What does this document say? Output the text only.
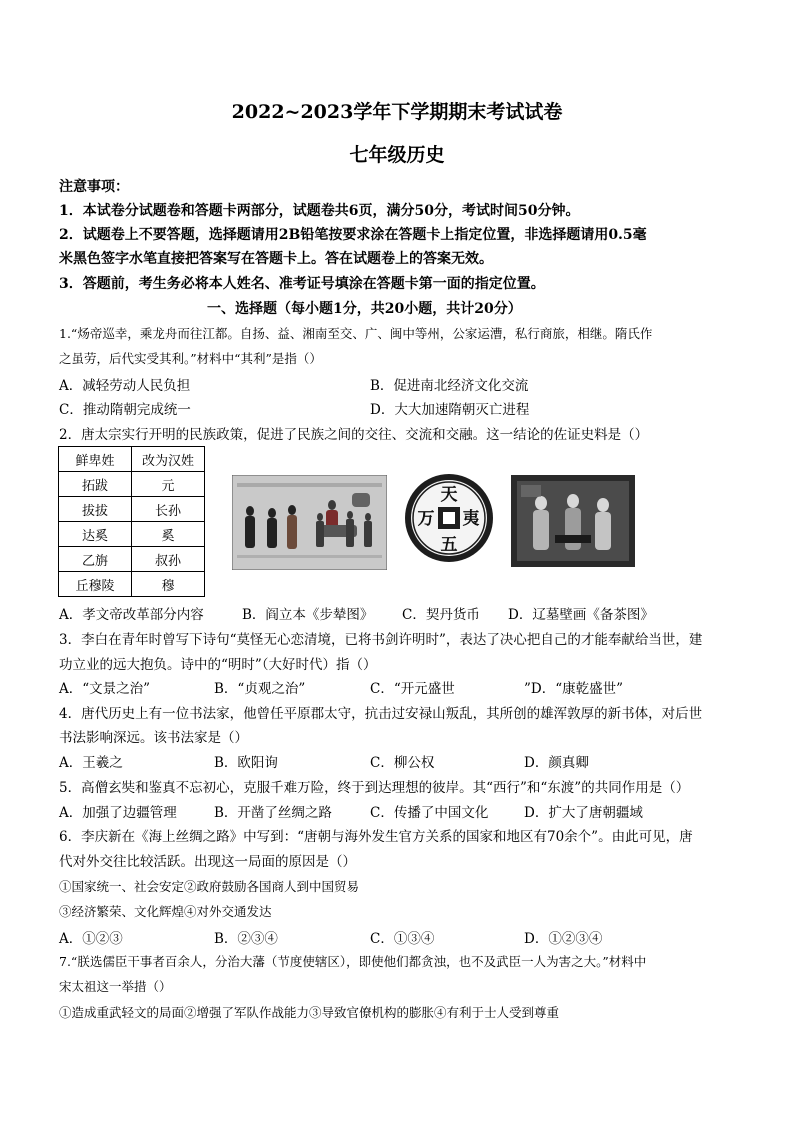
2022~2023学年下学期期末考试试卷
七年级历史
注意事项：
1．本试卷分试题卷和答题卡两部分，试题卷共6页，满分50分，考试时间50分钟。
2．试题卷上不要答题，选择题请用2B铅笔按要求涂在答题卡上指定位置，非选择题请用0.5毫
米黑色签字水笔直接把答案写在答题卡上。答在试题卷上的答案无效。
3．答题前，考生务必将本人姓名、准考证号填涂在答题卡第一面的指定位置。
一、选择题（每小题1分，共20小题，共计20分）
1.“炀帝巡幸，乘龙舟而往江都。自扬、益、湘南至交、广、闽中等州，公家运漕，私行商旅，相继。隋氏作
之虽劳，后代实受其利。”材料中“其利”是指（）
A．减轻劳动人民负担	B．促进南北经济文化交流
C．推动隋朝完成统一	D．大大加速隋朝灭亡进程
2．唐太宗实行开明的民族政策，促进了民族之间的交往、交流和交融。这一结论的佐证史料是（）
鲜卑姓	改为汉姓
拓跋	元
拔拔	长孙
达奚	奚
乙旃	叔孙
丘穆陵	穆
天
夷
五
万
A．孝文帝改革部分内容	B．阎立本《步辇图》 C．契丹货币 D．辽墓壁画《备茶图》
3．李白在青年时曾写下诗句“莫怪无心恋清境，已将书剑许明时”，表达了决心把自己的才能奉献给当世，建
功立业的远大抱负。诗中的“明时”（大好时代）指（）
A．“文景之治”	B．“贞观之治”	C．“开元盛世	”D．“康乾盛世”
4．唐代历史上有一位书法家，他曾任平原郡太守，抗击过安禄山叛乱，其所创的雄浑敦厚的新书体，对后世
书法影响深远。该书法家是（）
A．王羲之	B．欧阳询	C．柳公权	D．颜真卿
5．高僧玄奘和鉴真不忘初心，克服千难万险，终于到达理想的彼岸。其“西行”和“东渡”的共同作用是（）
A．加强了边疆管理	B．开凿了丝绸之路	C．传播了中国文化	D．扩大了唐朝疆域
6．李庆新在《海上丝绸之路》中写到：“唐朝与海外发生官方关系的国家和地区有70余个”。由此可见，唐
代对外交往比较活跃。出现这一局面的原因是（）
①国家统一、社会安定②政府鼓励各国商人到中国贸易
③经济繁荣、文化辉煌④对外交通发达
A．①②③	B．②③④	C．①③④	D．①②③④
7.“朕选儒臣干事者百余人，分治大藩（节度使辖区），即使他们都贪浊，也不及武臣一人为害之大。”材料中
宋太祖这一举措（）
①造成重武轻文的局面②增强了军队作战能力③导致官僚机构的膨胀④有利于士人受到尊重
